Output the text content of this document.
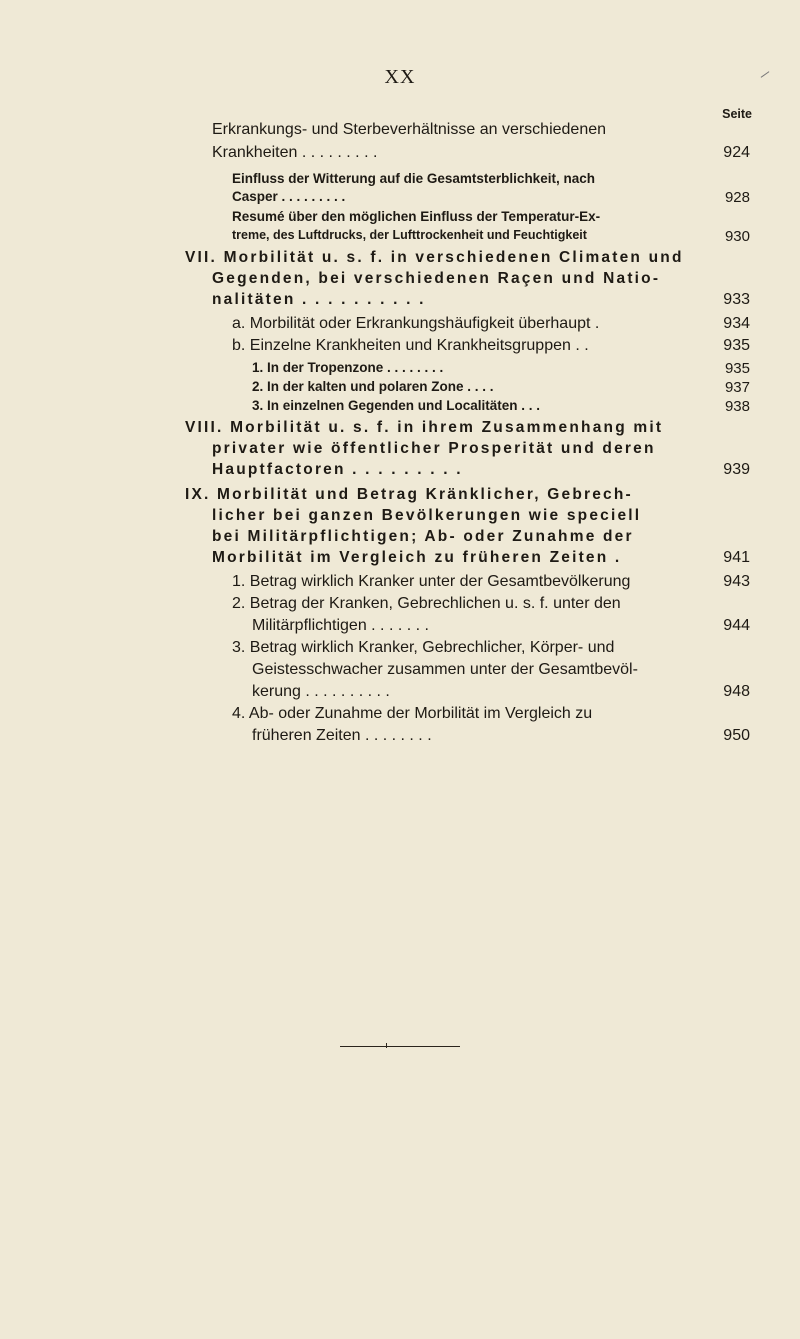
XX
Seite
Erkrankungs- und Sterbeverhältnisse an verschiedenen
Krankheiten . . . . . . . . .	924
Einfluss der Witterung auf die Gesamtsterblichkeit, nach
Casper . . . . . . . . .	928
Resumé über den möglichen Einfluss der Temperatur-Ex-
treme, des Luftdrucks, der Lufttrockenheit und Feuchtigkeit	930
VII. Morbilität u. s. f. in verschiedenen Climaten und
Gegenden, bei verschiedenen Raçen und Natio-
nalitäten . . . . . . . . . .	933
a. Morbilität oder Erkrankungshäufigkeit überhaupt .	934
b. Einzelne Krankheiten und Krankheitsgruppen . .	935
1. In der Tropenzone . . . . . . . .	935
2. In der kalten und polaren Zone . . . .	937
3. In einzelnen Gegenden und Localitäten . . .	938
VIII. Morbilität u. s. f. in ihrem Zusammenhang mit
privater wie öffentlicher Prosperität und deren
Hauptfactoren . . . . . . . . .	939
IX. Morbilität und Betrag Kränklicher, Gebrech-
licher bei ganzen Bevölkerungen wie speciell
bei Militärpflichtigen; Ab- oder Zunahme der
Morbilität im Vergleich zu früheren Zeiten .	941
1. Betrag wirklich Kranker unter der Gesamtbevölkerung	943
2. Betrag der Kranken, Gebrechlichen u. s. f. unter den
Militärpflichtigen . . . . . . .	944
3. Betrag wirklich Kranker, Gebrechlicher, Körper- und
Geistesschwacher zusammen unter der Gesamtbevöl-
kerung . . . . . . . . . .	948
4. Ab- oder Zunahme der Morbilität im Vergleich zu
früheren Zeiten . . . . . . . .	950
